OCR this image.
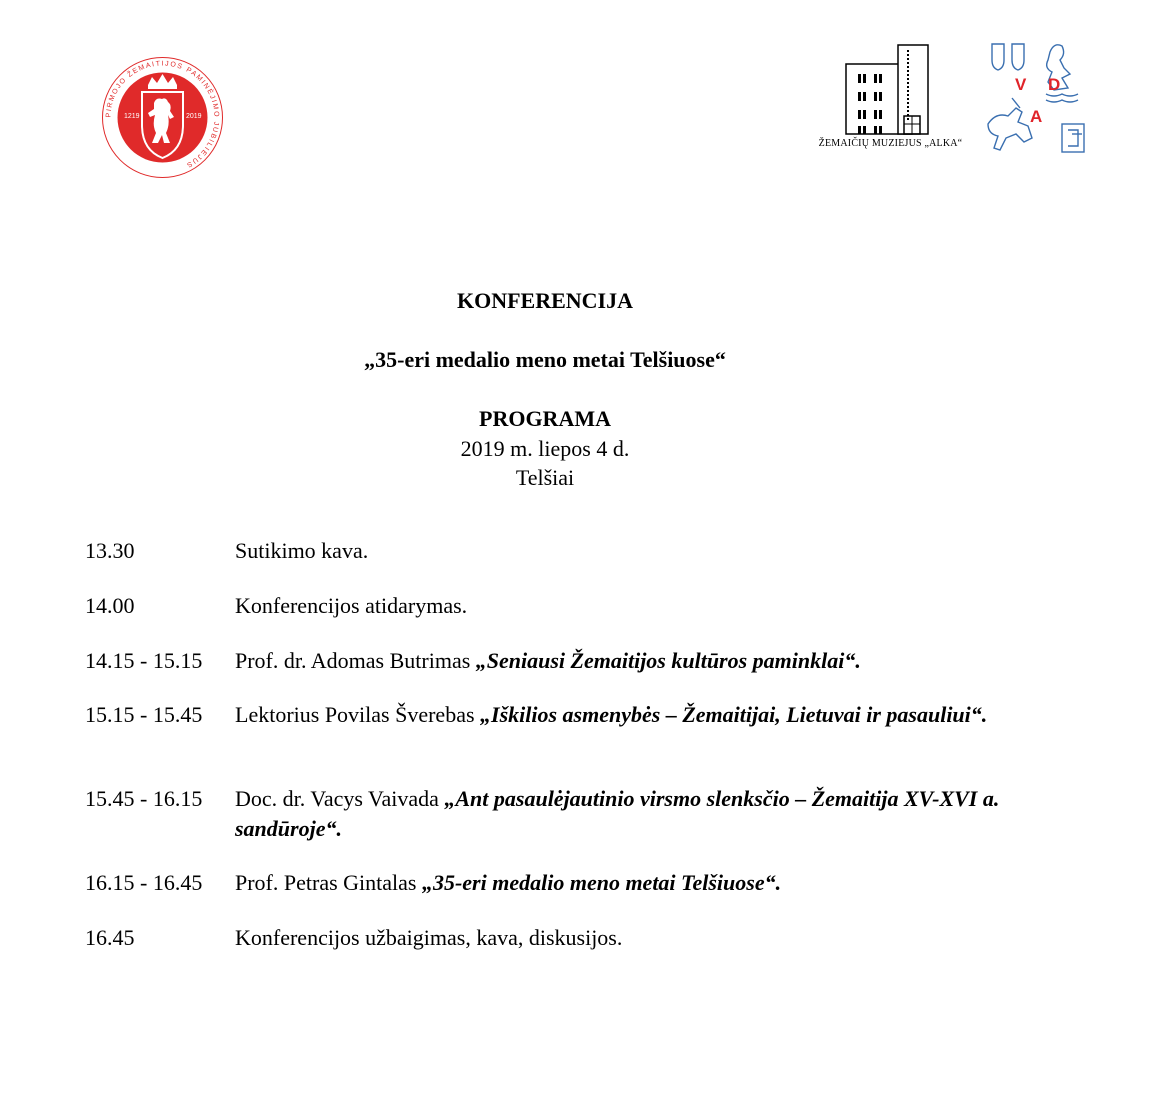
PIRMOJO ŽEMAITIJOS PAMINĖJIMO JUBILIEJUS
1219	2019
ŽEMAIČIŲ MUZIEJUS „ALKA“
V D
A
KONFERENCIJA
„35-eri medalio meno metai Telšiuose“
PROGRAMA
2019 m. liepos 4 d.
Telšiai
13.30	Sutikimo kava.
14.00	Konferencijos atidarymas.
14.15 - 15.15	Prof. dr. Adomas Butrimas „Seniausi Žemaitijos kultūros paminklai“.
15.15 - 15.45	Lektorius Povilas Šverebas „Iškilios asmenybės – Žemaitijai, Lietuvai ir pasauliui“.
15.45 - 16.15	Doc. dr. Vacys Vaivada „Ant pasaulėjautinio virsmo slenksčio – Žemaitija XV-XVI a. sandūroje“.
16.15 - 16.45	Prof. Petras Gintalas „35-eri medalio meno metai Telšiuose“.
16.45	Konferencijos užbaigimas, kava, diskusijos.
